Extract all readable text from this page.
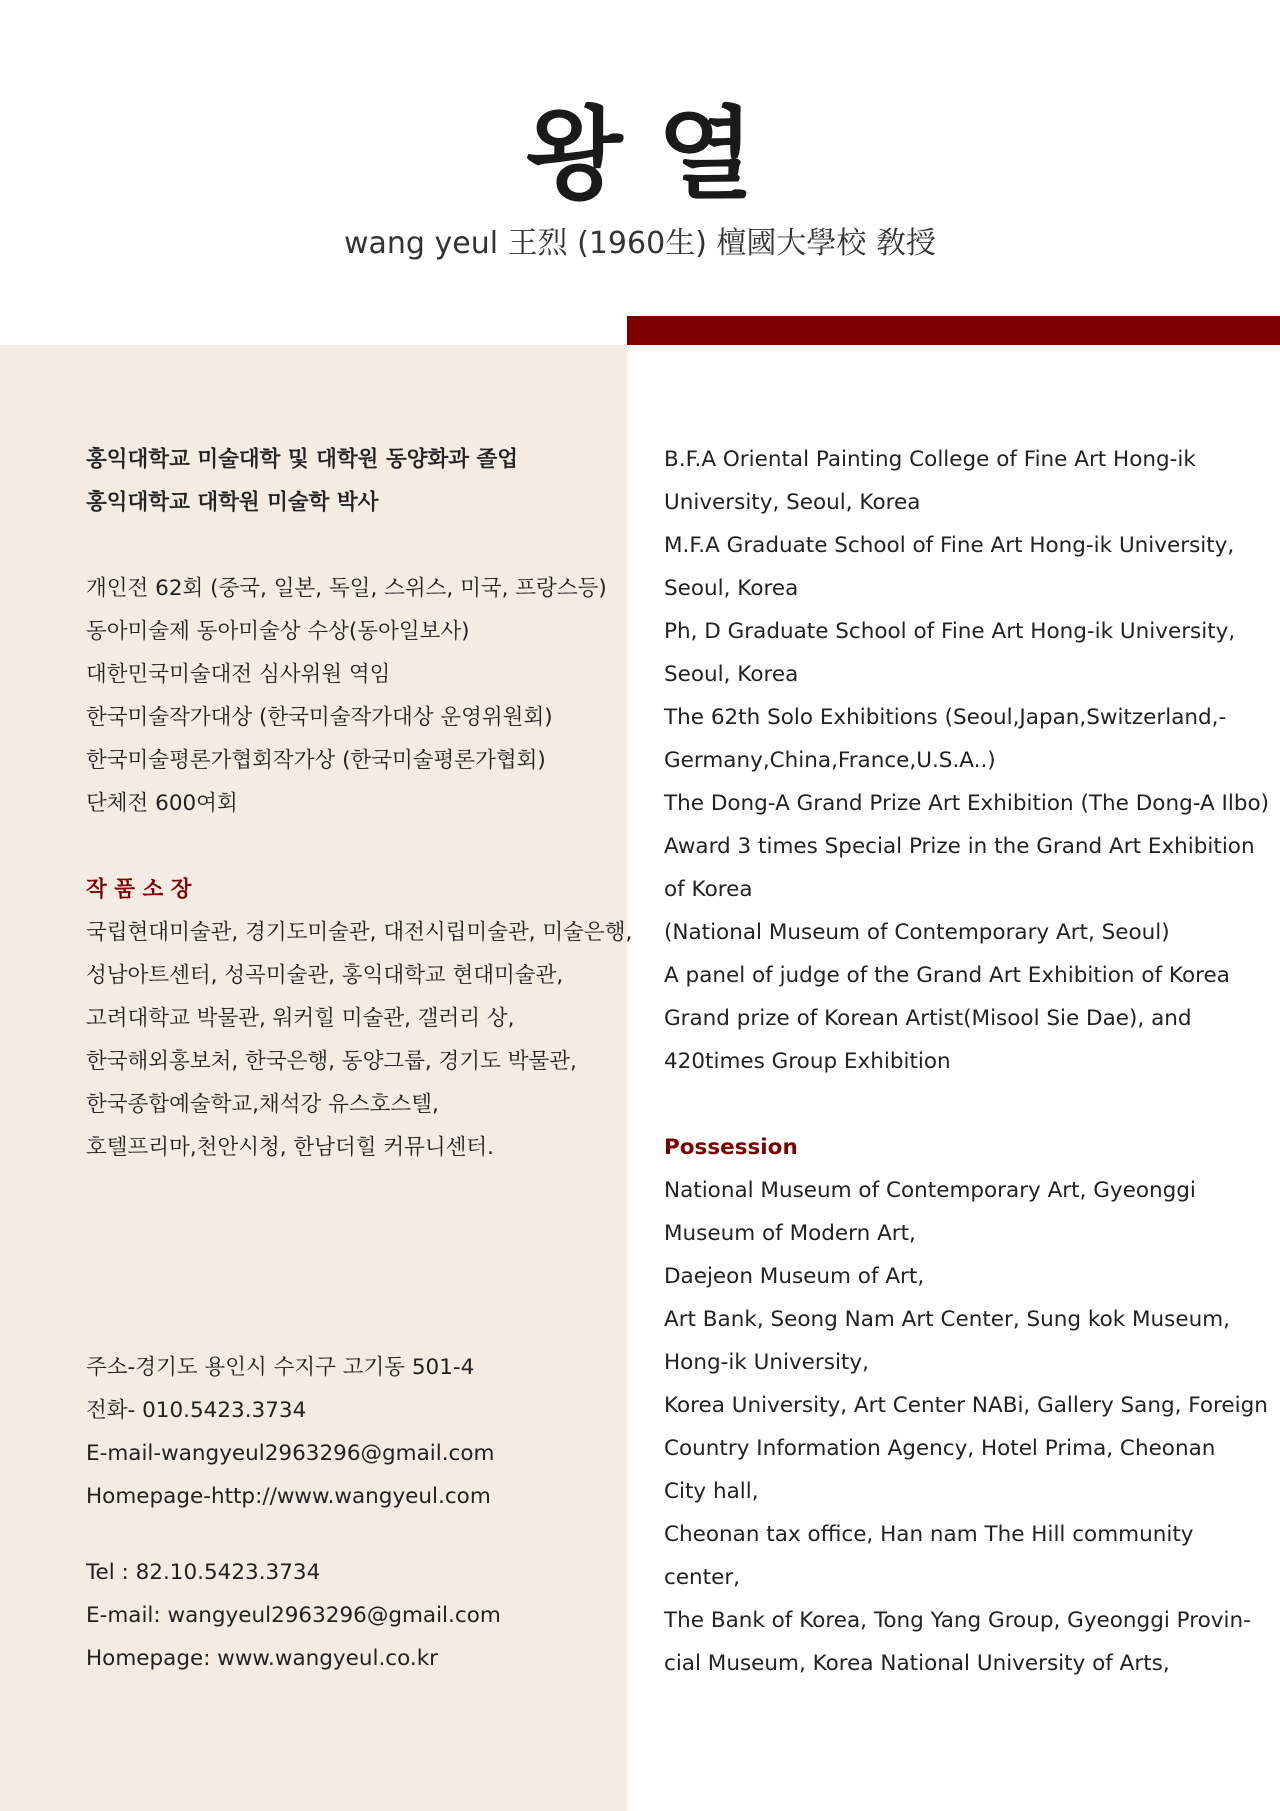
왕 열
wang yeul 王烈 (1960生) 檀國大學校 敎授
홍익대학교 미술대학 및 대학원 동양화과 졸업
홍익대학교 대학원 미술학 박사
개인전 62회 (중국, 일본, 독일, 스위스, 미국, 프랑스등)
동아미술제 동아미술상 수상(동아일보사)
대한민국미술대전 심사위원 역임
한국미술작가대상 (한국미술작가대상 운영위원회)
한국미술평론가협회작가상 (한국미술평론가협회)
단체전 600여회
작 품 소 장
국립현대미술관, 경기도미술관, 대전시립미술관, 미술은행,
성남아트센터, 성곡미술관, 홍익대학교 현대미술관,
고려대학교 박물관, 워커힐 미술관, 갤러리 상,
한국해외홍보처, 한국은행, 동양그룹, 경기도 박물관,
한국종합예술학교,채석강 유스호스텔,
호텔프리마,천안시청, 한남더힐 커뮤니센터.
주소-경기도 용인시 수지구 고기동 501-4
전화- 010.5423.3734
E-mail-wangyeul2963296@gmail.com
Homepage-http://www.wangyeul.com
Tel : 82.10.5423.3734
E-mail: wangyeul2963296@gmail.com
Homepage: www.wangyeul.co.kr
B.F.A Oriental Painting College of Fine Art Hong-ik
University, Seoul, Korea
M.F.A Graduate School of Fine Art Hong-ik University,
Seoul, Korea
Ph, D Graduate School of Fine Art Hong-ik University,
Seoul, Korea
The 62th Solo Exhibitions (Seoul,Japan,Switzerland,-
Germany,China,France,U.S.A..)
The Dong-A Grand Prize Art Exhibition (The Dong-A Ilbo)
Award 3 times Special Prize in the Grand Art Exhibition
of Korea
(National Museum of Contemporary Art, Seoul)
A panel of judge of the Grand Art Exhibition of Korea
Grand prize of Korean Artist(Misool Sie Dae), and
420times Group Exhibition
Possession
National Museum of Contemporary Art, Gyeonggi
Museum of Modern Art,
Daejeon Museum of Art,
Art Bank, Seong Nam Art Center, Sung kok Museum,
Hong-ik University,
Korea University, Art Center NABi, Gallery Sang, Foreign
Country Information Agency, Hotel Prima, Cheonan
City hall,
Cheonan tax office, Han nam The Hill community
center,
The Bank of Korea, Tong Yang Group, Gyeonggi Provin-
cial Museum, Korea National University of Arts,
